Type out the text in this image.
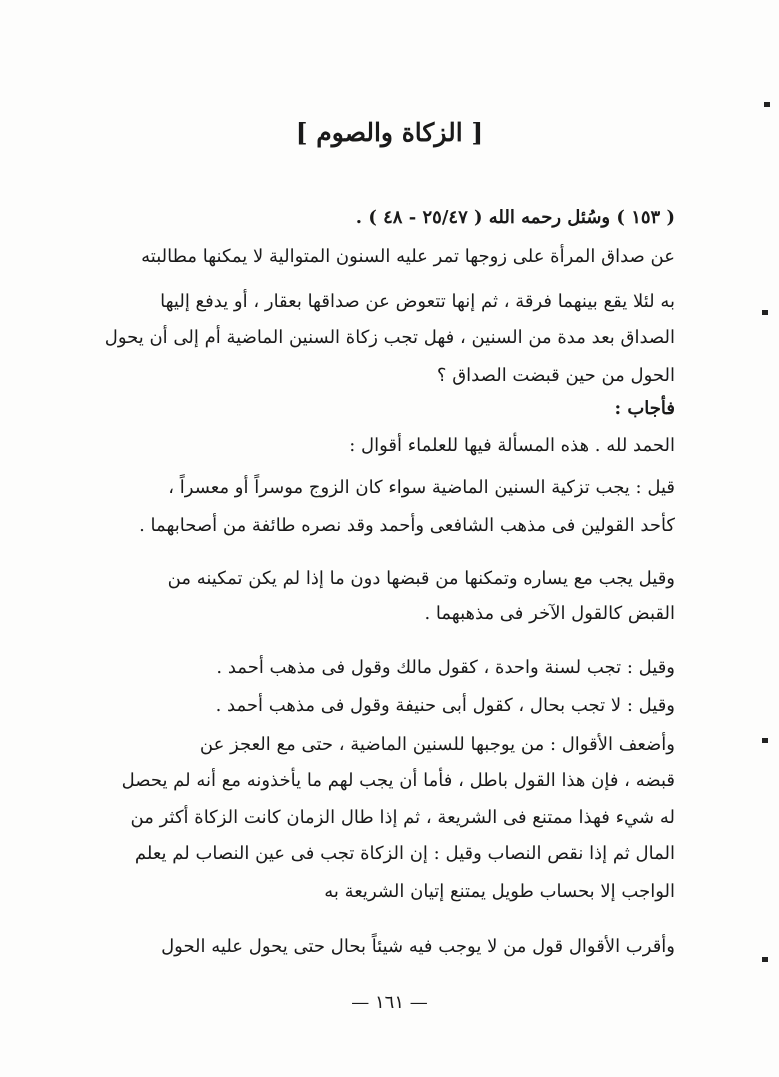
[ الزكاة والصوم ]
( ١٥٣ ) وسُئل رحمه الله ( ٢٥/٤٧ - ٤٨ ) .
عن صداق المرأة على زوجها تمر عليه السنون المتوالية لا يمكنها مطالبته
به لئلا يقع بينهما فرقة ، ثم إنها تتعوض عن صداقها بعقار ، أو يدفع إليها
الصداق بعد مدة من السنين ، فهل تجب زكاة السنين الماضية أم إلى أن يحول
الحول من حين قبضت الصداق ؟
فأجاب :
الحمد لله . هذه المسألة فيها للعلماء أقوال :
قيل : يجب تزكية السنين الماضية سواء كان الزوج موسراً أو معسراً ،
كأحد القولين فى مذهب الشافعى وأحمد وقد نصره طائفة من أصحابهما .
وقيل يجب مع يساره وتمكنها من قبضها دون ما إذا لم يكن تمكينه من
القبض كالقول الآخر فى مذهبهما .
وقيل : تجب لسنة واحدة ، كقول مالك وقول فى مذهب أحمد .
وقيل : لا تجب بحال ، كقول أبى حنيفة وقول فى مذهب أحمد .
وأضعف الأقوال : من يوجبها للسنين الماضية ، حتى مع العجز عن
قبضه ، فإن هذا القول باطل ، فأما أن يجب لهم ما يأخذونه مع أنه لم يحصل
له شيء فهذا ممتنع فى الشريعة ، ثم إذا طال الزمان كانت الزكاة أكثر من
المال ثم إذا نقص النصاب وقيل : إن الزكاة تجب فى عين النصاب لم يعلم
الواجب إلا بحساب طويل يمتنع إتيان الشريعة به
وأقرب الأقوال قول من لا يوجب فيه شيئاً بحال حتى يحول عليه الحول
— ١٦١ —
